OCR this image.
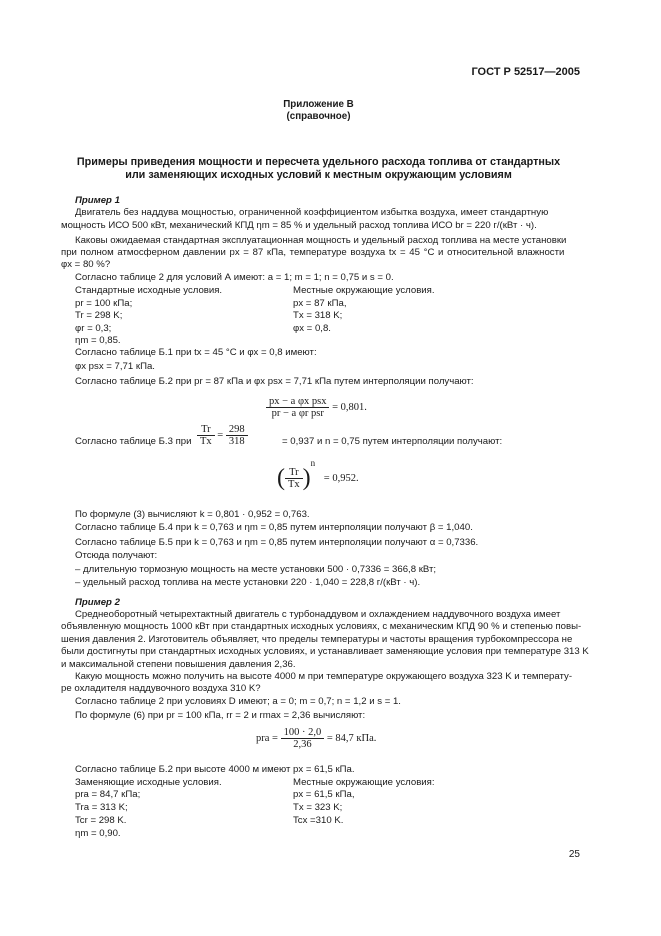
ГОСТ Р 52517—2005
Приложение В
(справочное)
Примеры приведения мощности и пересчета удельного расхода топлива от стандартных
или заменяющих исходных условий к местным окружающим условиям
Пример 1
Двигатель без наддува мощностью, ограниченной коэффициентом избытка воздуха, имеет стандартную
мощность ИСО 500 кВт, механический КПД ηm = 85 % и удельный расход топлива ИСО br = 220 г/(кВт · ч).
Каковы ожидаемая стандартная эксплуатационная мощность и удельный расход топлива на месте установки
при полном атмосферном давлении px = 87 кПа, температуре воздуха tx = 45 °С и относительной влажности
φx = 80 %?
Согласно таблице 2 для условий А имеют: a = 1; m = 1; n = 0,75 и s = 0.
Стандартные исходные условия.	Местные окружающие условия.
pr = 100 кПа;	px = 87 кПа,
Tr = 298 K;	Tx = 318 K;
φr = 0,3;	φx = 0,8.
ηm = 0,85.
Согласно таблице Б.1 при tx = 45 °С и φx = 0,8 имеют:
φx psx = 7,71 кПа.
Согласно таблице Б.2 при pr = 87 кПа и φx psx = 7,71 кПа путем интерполяции получают:
px − a φx psx
pr − a φr psr
= 0,801.
Согласно таблице Б.3 при $\frac{Tr}{Tx} = \frac{298}{318}$	= 0,937 и n = 0,75 путем интерполяции получают:
( $\frac{Tr}{Tx} )^n = 0,952$.
По формуле (3) вычисляют k = 0,801 · 0,952 = 0,763.
Согласно таблице Б.4 при k = 0,763 и ηm = 0,85 путем интерполяции получают β = 1,040.
Согласно таблице Б.5 при k = 0,763 и ηm = 0,85 путем интерполяции получают α = 0,7336.
Отсюда получают:
– длительную тормозную мощность на месте установки 500 · 0,7336 = 366,8 кВт;
– удельный расход топлива на месте установки 220 · 1,040 = 228,8 г/(кВт · ч).
Пример 2
Среднеоборотный четырехтактный двигатель с турбонаддувом и охлаждением наддувочного воздуха имеет
объявленную мощность 1000 кВт при стандартных исходных условиях, с механическим КПД 90 % и степенью повы-
шения давления 2. Изготовитель объявляет, что пределы температуры и частоты вращения турбокомпрессора не
были достигнуты при стандартных исходных условиях, и устанавливает заменяющие условия при температуре 313 K
и максимальной степени повышения давления 2,36.
Какую мощность можно получить на высоте 4000 м при температуре окружающего воздуха 323 K и температу-
ре охладителя наддувочного воздуха 310 K?
Согласно таблице 2 при условиях D имеют; a = 0; m = 0,7; n = 1,2 и s = 1.
По формуле (6) при pr = 100 кПа, rr = 2 и rmax = 2,36 вычисляют:
pra = $\frac{100 \cdot 2,0}{2,36} = 84,7$ кПа.
Согласно таблице Б.2 при высоте 4000 м имеют px = 61,5 кПа.
Заменяющие исходные условия.	Местные окружающие условия:
pra = 84,7 кПа;	px = 61,5 кПа,
Tra = 313 K;	Tx = 323 K;
Tcr = 298 K.	Tcx =310 K.
ηm = 0,90.
25
